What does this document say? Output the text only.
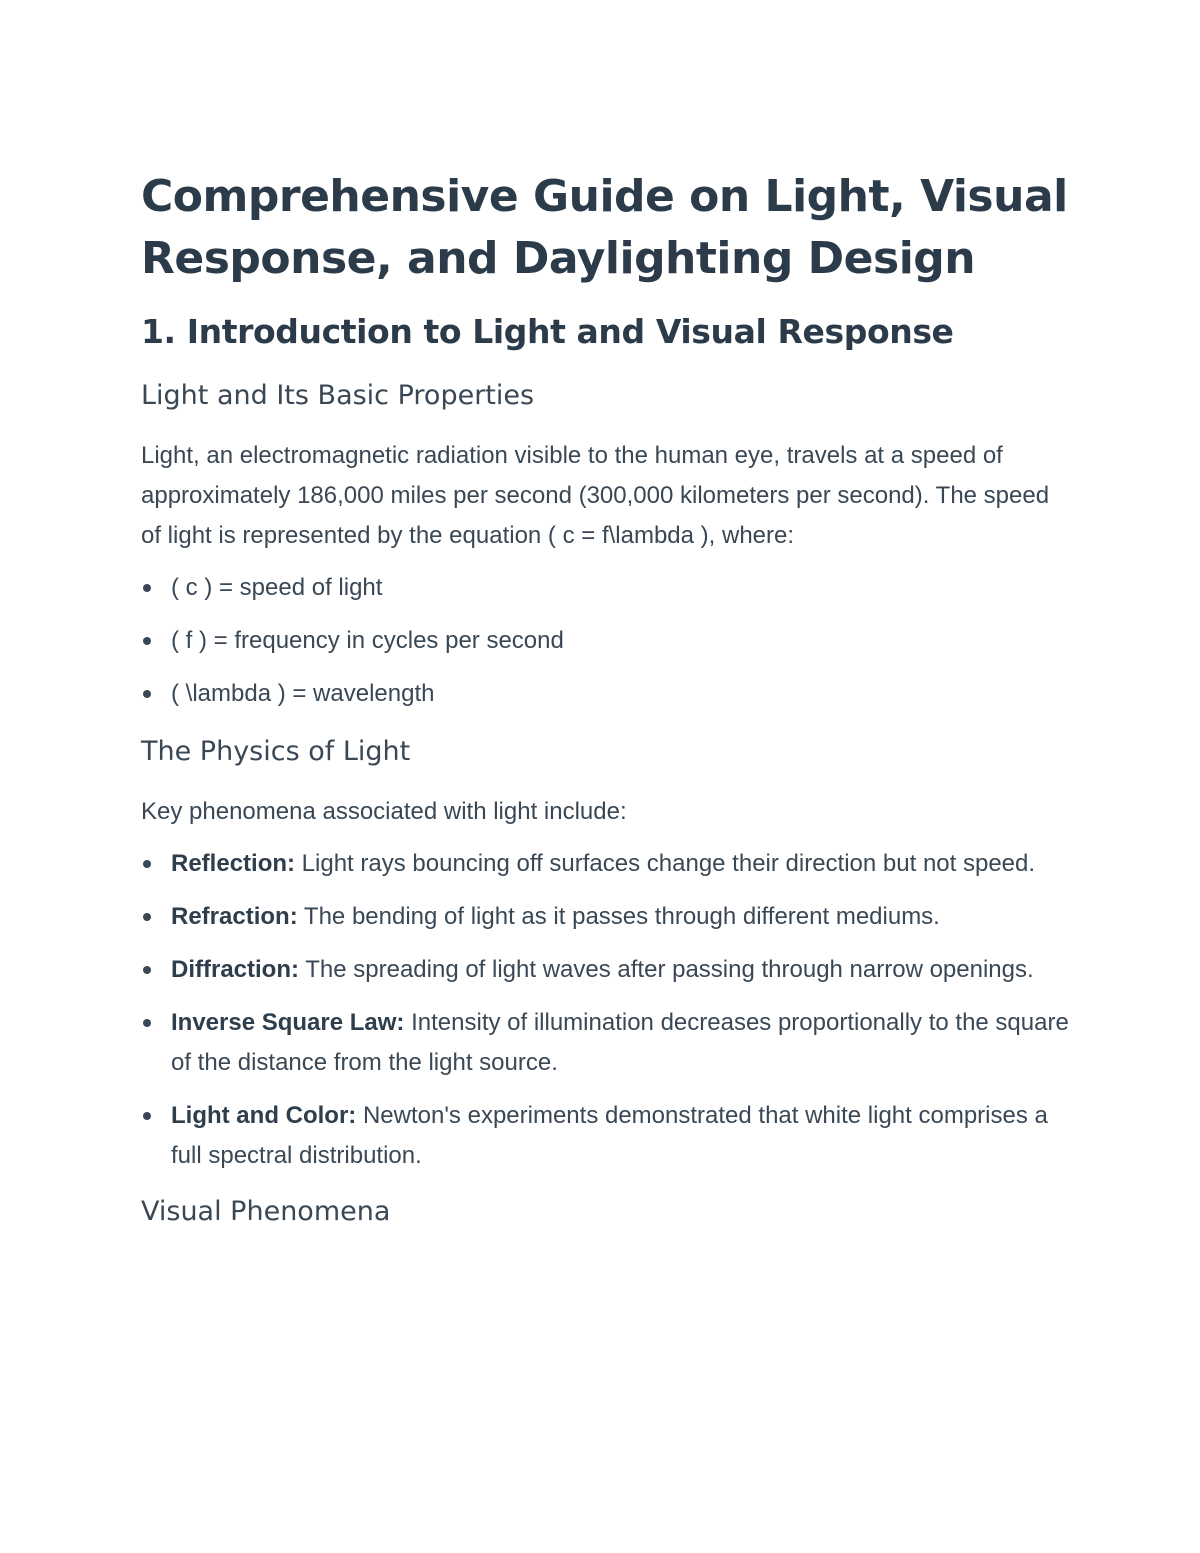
Comprehensive Guide on Light, Visual Response, and Daylighting Design
1. Introduction to Light and Visual Response
Light and Its Basic Properties

Light, an electromagnetic radiation visible to the human eye, travels at a speed of approximately 186,000 miles per second (300,000 kilometers per second). The speed of light is represented by the equation ( c = f\lambda ), where:

( c ) = speed of light
( f ) = frequency in cycles per second
( \lambda ) = wavelength
The Physics of Light

Key phenomena associated with light include:

Reflection: Light rays bouncing off surfaces change their direction but not speed.
Refraction: The bending of light as it passes through different mediums.
Diffraction: The spreading of light waves after passing through narrow openings.
Inverse Square Law: Intensity of illumination decreases proportionally to the square of the distance from the light source.
Light and Color: Newton's experiments demonstrated that white light comprises a full spectral distribution.
Visual Phenomena
